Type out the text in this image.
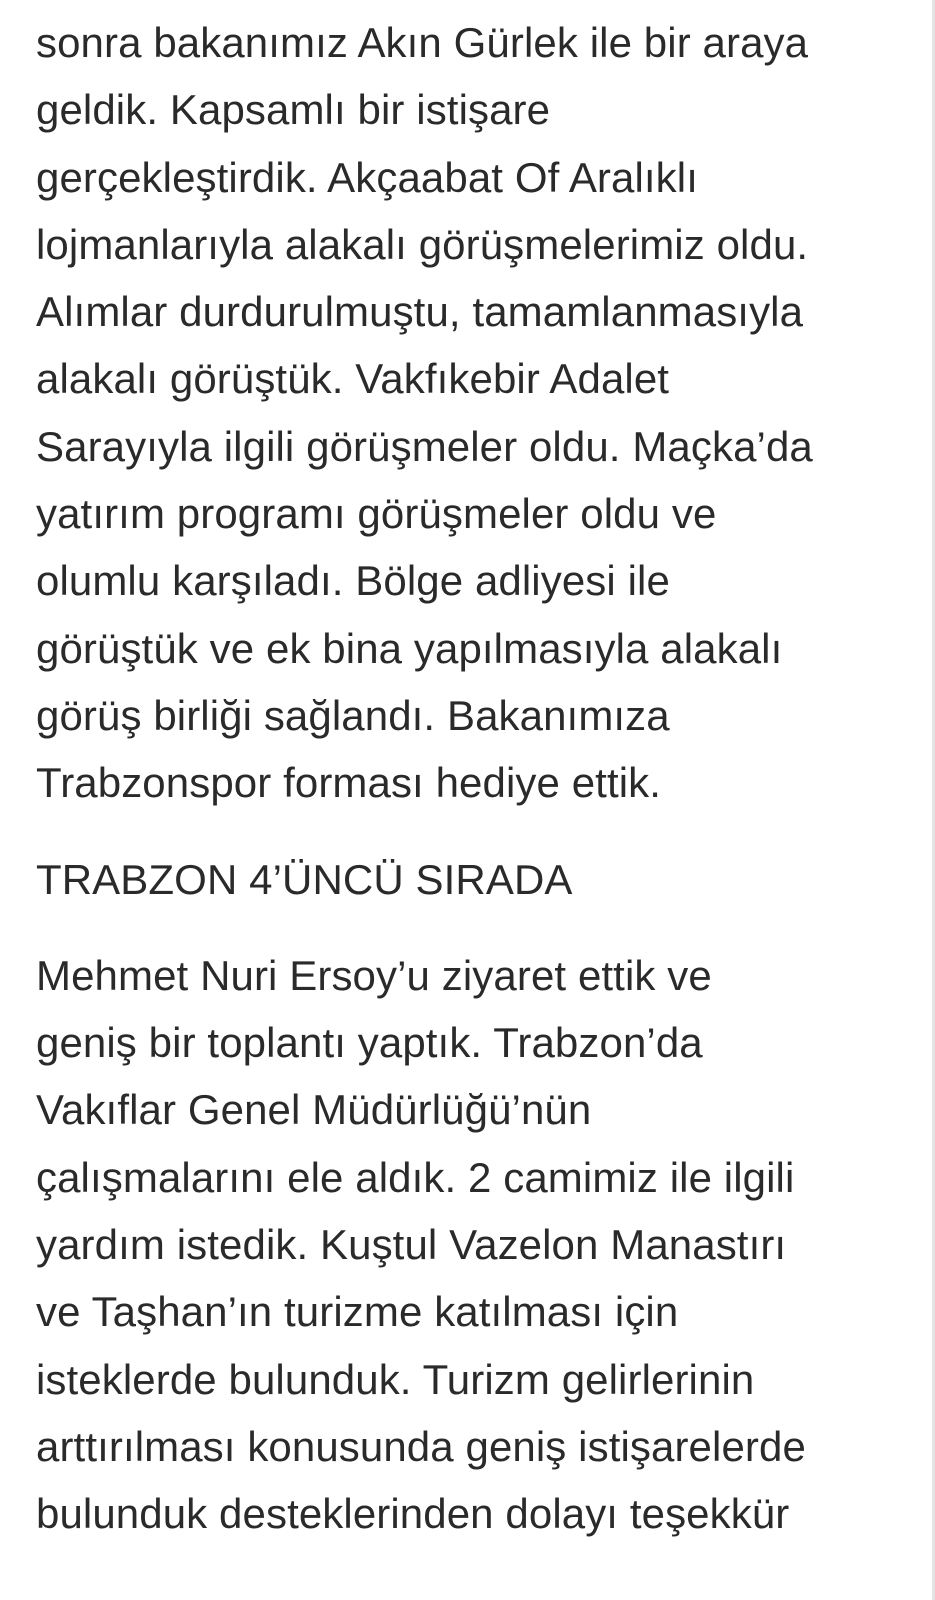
sonra bakanımız Akın Gürlek ile bir araya
geldik. Kapsamlı bir istişare
gerçekleştirdik. Akçaabat Of Aralıklı
lojmanlarıyla alakalı görüşmelerimiz oldu.
Alımlar durdurulmuştu, tamamlanmasıyla
alakalı görüştük. Vakfıkebir Adalet
Sarayıyla ilgili görüşmeler oldu. Maçka’da
yatırım programı görüşmeler oldu ve
olumlu karşıladı. Bölge adliyesi ile
görüştük ve ek bina yapılmasıyla alakalı
görüş birliği sağlandı. Bakanımıza
Trabzonspor forması hediye ettik.
TRABZON 4’ÜNCÜ SIRADA
Mehmet Nuri Ersoy’u ziyaret ettik ve
geniş bir toplantı yaptık. Trabzon’da
Vakıflar Genel Müdürlüğü’nün
çalışmalarını ele aldık. 2 camimiz ile ilgili
yardım istedik. Kuştul Vazelon Manastırı
ve Taşhan’ın turizme katılması için
isteklerde bulunduk. Turizm gelirlerinin
arttırılması konusunda geniş istişarelerde
bulunduk desteklerinden dolayı teşekkür
